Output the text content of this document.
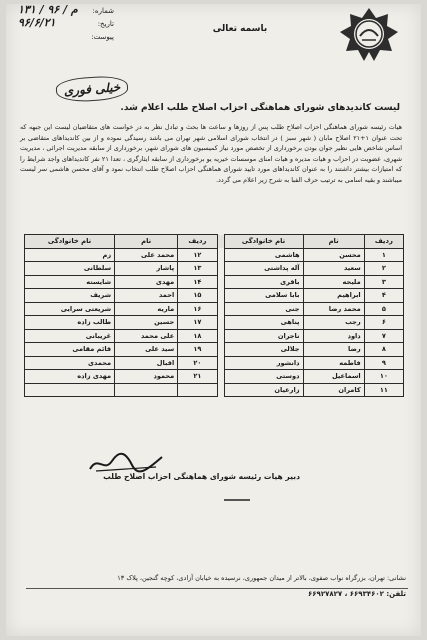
باسمه تعالی
شماره:
۱۳۱ / ۹۶ / م
تاریخ:
۹۶/۶/۲۱
پیوست:
خیلی فوری
لیست کاندیدهای شورای هماهنگی احزاب اصلاح طلب اعلام شد.

هیات رئیسه شورای هماهنگی احزاب اصلاح طلب پس از روزها و ساعت ها بحث و تبادل نظر به در خواست های متقاضیان لیست این جبهه که تحت عنوان ۱+۲۱ اصلاح مابان ( شهر سبز ) در انتخاب شورای اسلامی شهر تهران می باشد رسیدگی نموده و از بین کاندیداهای متقاضی بر اساس شاخص هایی نظیر جوان بودن برخورداری از تخصص مورد نیاز کمیسیون های شورای شهر، برخورداری از سابقه مدیریت اجرائی ، مدیریت شهری، عضویت در احزاب و هیات مدیره و هیات امنای موسسات خیریه یو برخورداری از سابقه ایثارگری ، تعدا ۲۱ نفر کاندیداهای واجد شرایط را که امتیازات بیشتر داشتند را به عنوان کاندیداهای مورد تایید شورای هماهنگی احزاب اصلاح طلب انتخاب نمود و آقای محسن هاشمی سر لیست میباشند و بقیه اسامی به ترتیب حرف الفبا به شرح زیر اعلام می گردد.

ردیف	نام	نام خانوادگی		ردیف	نام	نام خانوادگی
۱	محسن	هاشمی		۱۲	محمد علی	زم
۲	سعید	آله پداشتی		۱۳	پاشار	سلطانی
۳	ملیحه	باقری		۱۴	مهدی	شایسته
۴	ابراهیم	بابا سلامی		۱۵	احمد	شریف
۵	محمد رضا	جنی		۱۶	ماریه	شریعتی سرایی
۶	رجب	پناهی		۱۷	حسین	طالب زاده
۷	داود	ناجران		۱۸	علی محمد	غریبانی
۸	رضا	جلالی		۱۹	سید علی	قائم مقامی
۹	فاطمه	دانشور		۲۰	اقبال	محمدی
۱۰	اسماعیل	دوستی		۲۱	محمود	مهدی زاده
۱۱	کامران	زارعیان				
دبیر هیات رئیسه شورای هماهنگی احزاب اصلاح طلب
نشانی: تهران، بزرگراه نواب صفوی، بالاتر از میدان جمهوری، نرسیده به خیابان آزادی، کوچه گنجین، پلاک ۱۳
تلفن: ۶۶۹۳۴۶۰۲ ، ۶۶۹۲۷۸۲۷
